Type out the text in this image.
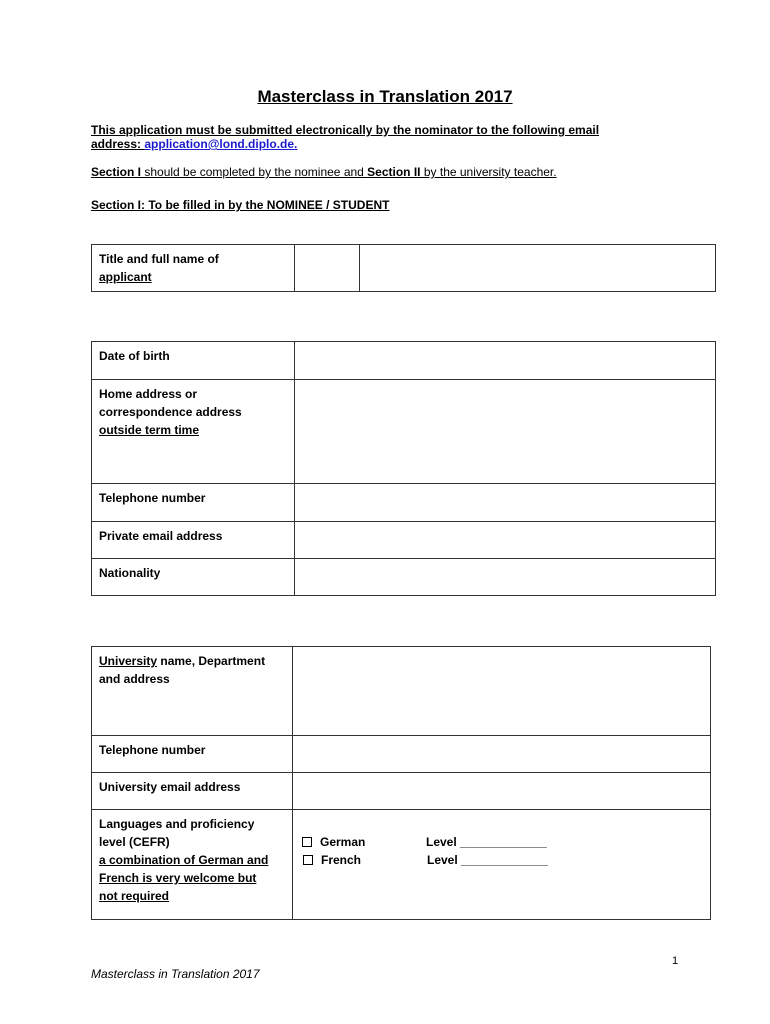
Masterclass in Translation 2017
This application must be submitted electronically by the nominator to the following email
address: application@lond.diplo.de.
Section I should be completed by the nominee and Section II by the university teacher.
Section I: To be filled in by the NOMINEE / STUDENT
Title and full name of
applicant		
Date of birth	
Home address or
correspondence address
outside term time	
Telephone number	
Private email address	
Nationality	
University name, Department
and address	
Telephone number	
University email address	
Languages and proficiency
level (CEFR)
a combination of German and
French is very welcome but
not required	German Level _____________
French Level _____________
1
Masterclass in Translation 2017
